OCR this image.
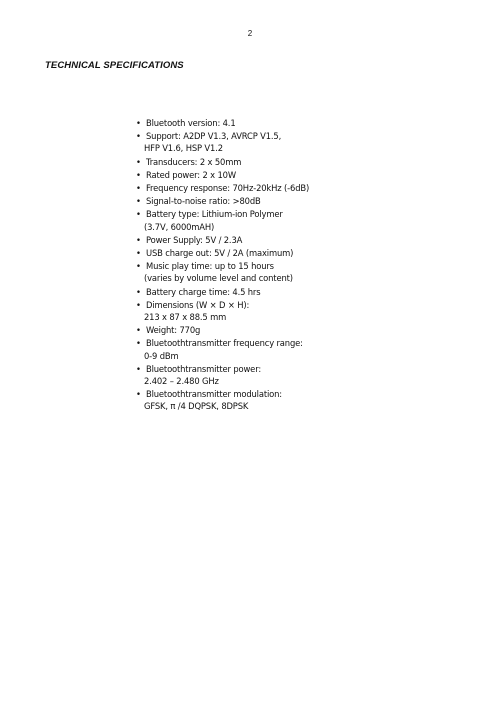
2
TECHNICAL SPECIFICATIONS
• Bluetooth version: 4.1
• Support: A2DP V1.3, AVRCP V1.5,
HFP V1.6, HSP V1.2
• Transducers: 2 x 50mm
• Rated power: 2 x 10W
• Frequency response: 70Hz-20kHz (-6dB)
• Signal-to-noise ratio: >80dB
• Battery type: Lithium-ion Polymer
(3.7V, 6000mAH)
• Power Supply: 5V / 2.3A
• USB charge out: 5V / 2A (maximum)
• Music play time: up to 15 hours
(varies by volume level and content)
• Battery charge time: 4.5 hrs
• Dimensions (W × D × H):
213 x 87 x 88.5 mm
• Weight: 770g
• Bluetoothtransmitter frequency range:
0-9 dBm
• Bluetoothtransmitter power:
2.402 – 2.480 GHz
• Bluetoothtransmitter modulation:
GFSK, π /4 DQPSK, 8DPSK
